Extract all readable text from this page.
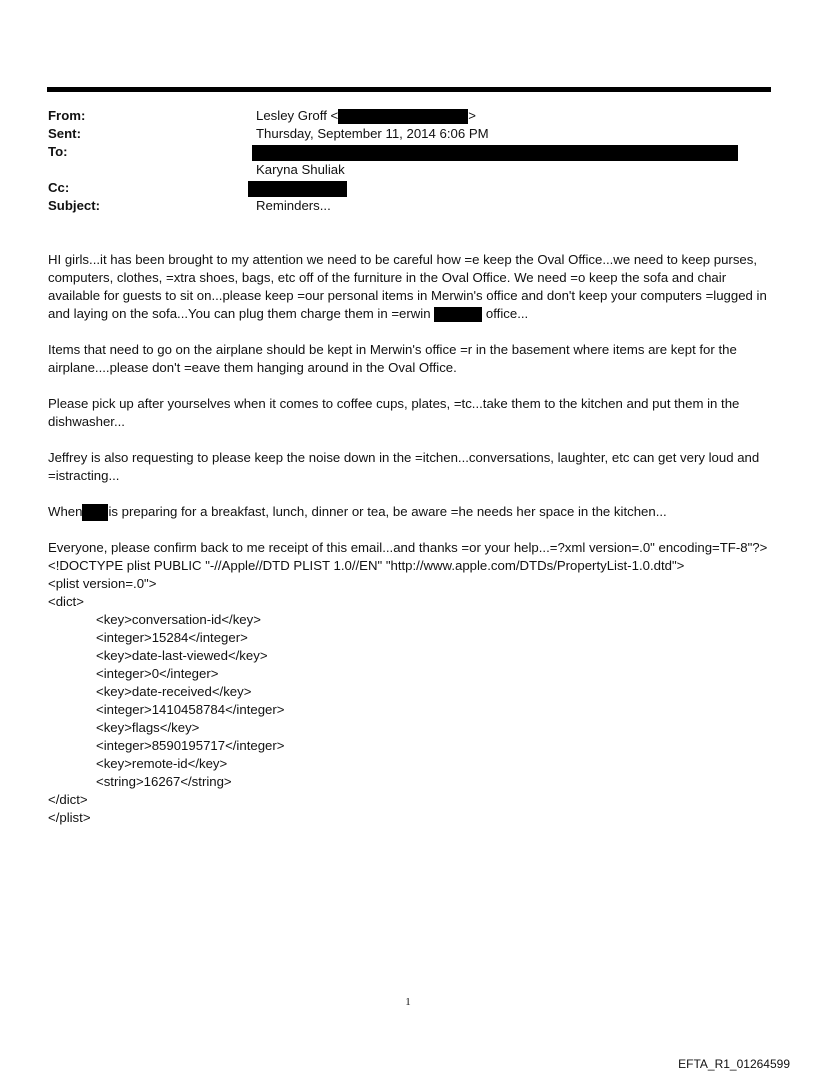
From:	Lesley Groff <	>
Sent:	Thursday, September 11, 2014 6:06 PM
To:
Karyna Shuliak
Cc:
Subject:	Reminders...

HI girls...it has been brought to my attention we need to be careful how =e keep the Oval Office...we need to keep purses, computers, clothes, =xtra shoes, bags, etc off of the furniture in the Oval Office. We need =o keep the sofa and chair available for guests to sit on...please keep =our personal items in Merwin's office and don't keep your computers =lugged in and laying on the sofa...You can plug them charge them in =erwin	office...

Items that need to go on the airplane should be kept in Merwin's office =r in the basement where items are kept for the airplane....please don't =eave them hanging around in the Oval Office.

Please pick up after yourselves when it comes to coffee cups, plates, =tc...take them to the kitchen and put them in the dishwasher...

Jeffrey is also requesting to please keep the noise down in the =itchen...conversations, laughter, etc can get very loud and =istracting...

When is preparing for a breakfast, lunch, dinner or tea, be aware =he needs her space in the kitchen...

Everyone, please confirm back to me receipt of this email...and thanks =or your help...=?xml version=.0" encoding=TF-8"?> <!DOCTYPE plist PUBLIC "-//Apple//DTD PLIST 1.0//EN" "http://www.apple.com/DTDs/PropertyList-1.0.dtd">

<plist version=.0">
<dict>
<key>conversation-id</key>
<integer>15284</integer>
<key>date-last-viewed</key>
<integer>0</integer>
<key>date-received</key>
<integer>1410458784</integer>
<key>flags</key>
<integer>8590195717</integer>
<key>remote-id</key>
<string>16267</string>
</dict>
</plist>
1
EFTA_R1_01264599
